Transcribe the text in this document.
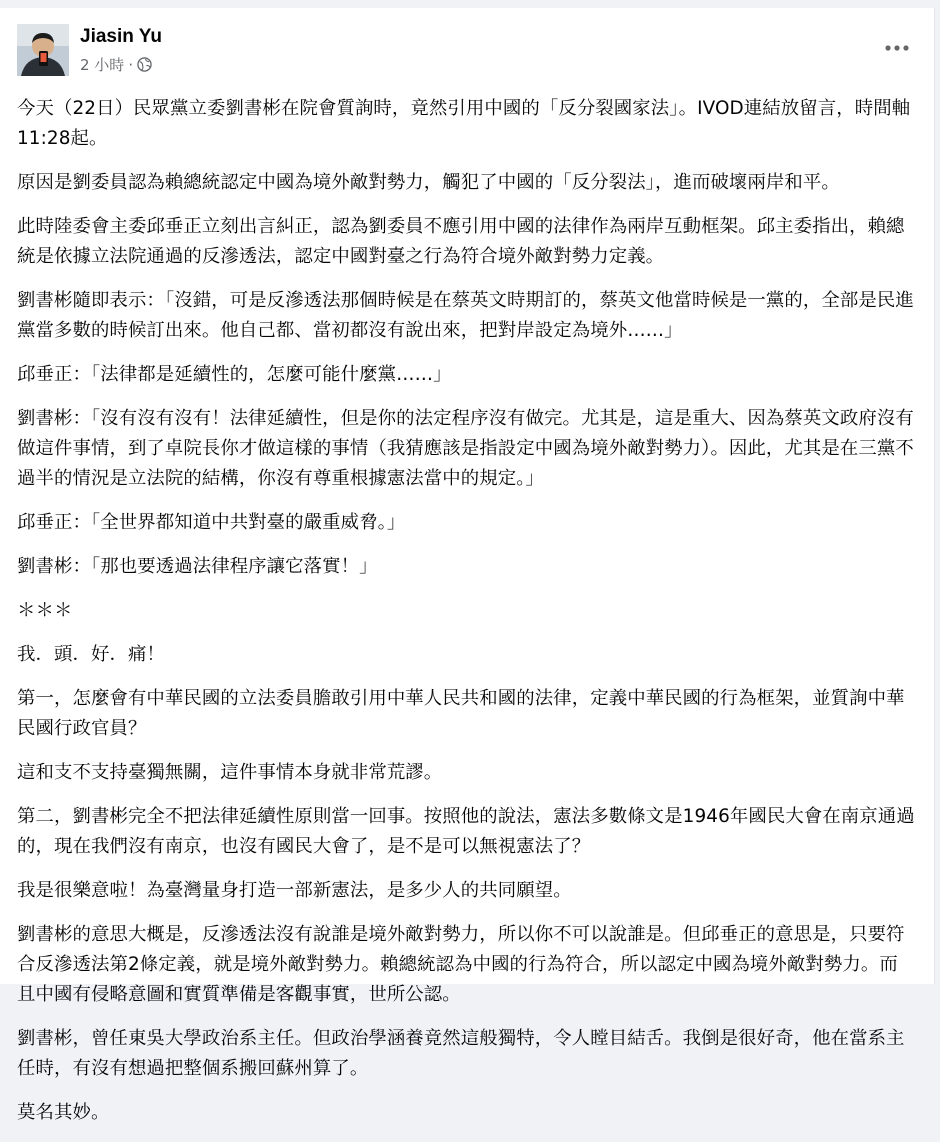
Jiasin Yu
2 小時 ·

今天（22日）民眾黨立委劉書彬在院會質詢時，竟然引用中國的「反分裂國家法」。IVOD連結放留言，時間軸11:28起。

原因是劉委員認為賴總統認定中國為境外敵對勢力，觸犯了中國的「反分裂法」，進而破壞兩岸和平。

此時陸委會主委邱垂正立刻出言糾正，認為劉委員不應引用中國的法律作為兩岸互動框架。邱主委指出，賴總統是依據立法院通過的反滲透法，認定中國對臺之行為符合境外敵對勢力定義。

劉書彬隨即表示：「沒錯，可是反滲透法那個時候是在蔡英文時期訂的，蔡英文他當時候是一黨的，全部是民進黨當多數的時候訂出來。他自己都、當初都沒有說出來，把對岸設定為境外……」

邱垂正：「法律都是延續性的，怎麼可能什麼黨……」

劉書彬：「沒有沒有沒有！法律延續性，但是你的法定程序沒有做完。尤其是，這是重大、因為蔡英文政府沒有做這件事情，到了卓院長你才做這樣的事情（我猜應該是指設定中國為境外敵對勢力）。因此，尤其是在三黨不過半的情況是立法院的結構，你沒有尊重根據憲法當中的規定。」

邱垂正：「全世界都知道中共對臺的嚴重威脅。」

劉書彬：「那也要透過法律程序讓它落實！」

＊＊＊

我．頭．好．痛！

第一，怎麼會有中華民國的立法委員膽敢引用中華人民共和國的法律，定義中華民國的行為框架，並質詢中華民國行政官員？

這和支不支持臺獨無關，這件事情本身就非常荒謬。

第二，劉書彬完全不把法律延續性原則當一回事。按照他的說法，憲法多數條文是1946年國民大會在南京通過的，現在我們沒有南京，也沒有國民大會了，是不是可以無視憲法了？

我是很樂意啦！為臺灣量身打造一部新憲法，是多少人的共同願望。

劉書彬的意思大概是，反滲透法沒有說誰是境外敵對勢力，所以你不可以說誰是。但邱垂正的意思是，只要符合反滲透法第2條定義，就是境外敵對勢力。賴總統認為中國的行為符合，所以認定中國為境外敵對勢力。而且中國有侵略意圖和實質準備是客觀事實，世所公認。

劉書彬，曾任東吳大學政治系主任。但政治學涵養竟然這般獨特，令人瞠目結舌。我倒是很好奇，他在當系主任時，有沒有想過把整個系搬回蘇州算了。

莫名其妙。
